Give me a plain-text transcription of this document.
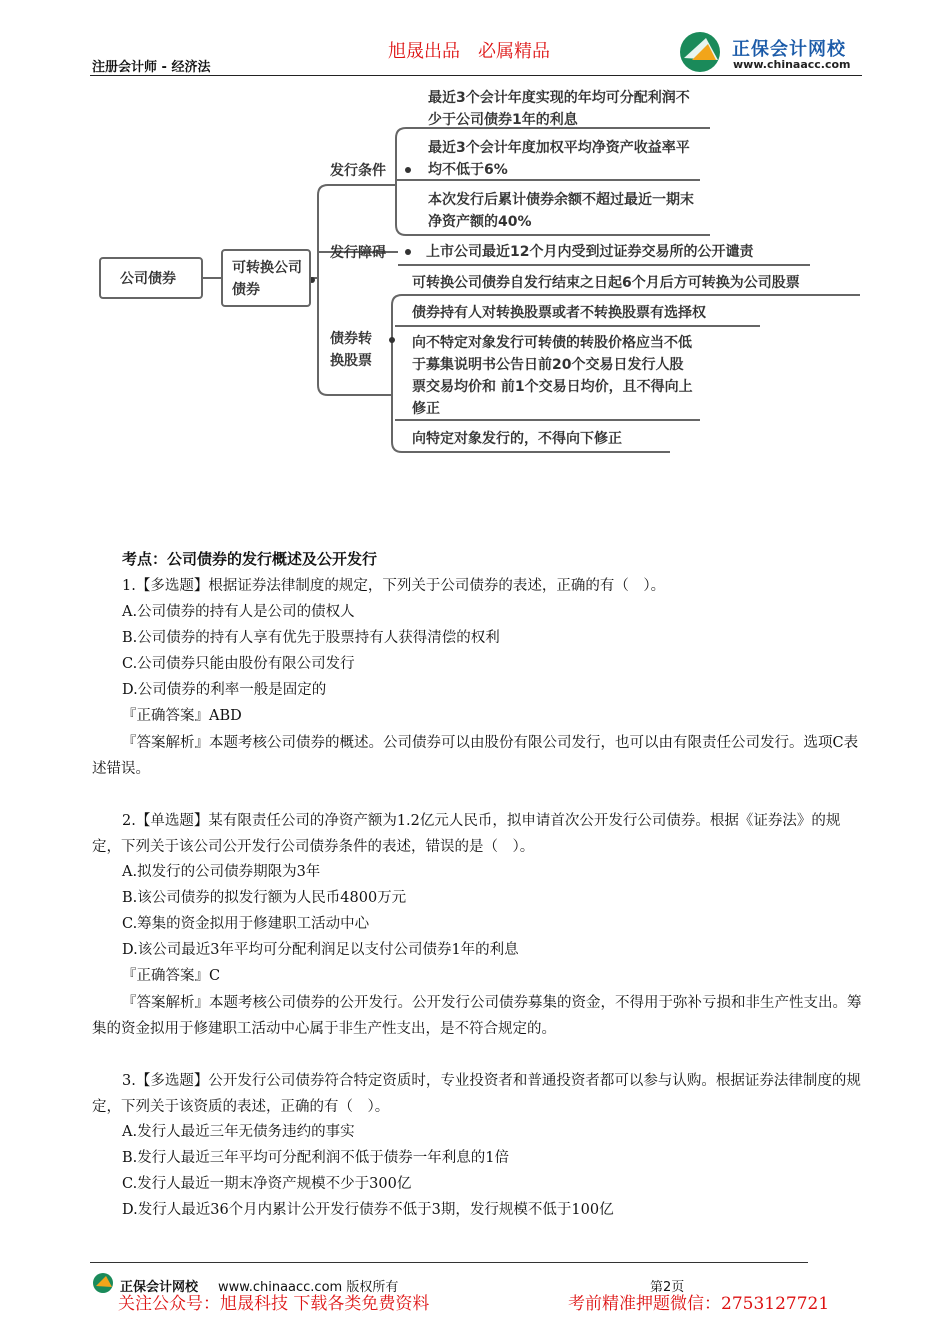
注册会计师 - 经济法
旭晟出品　必属精品	正保会计网校
www.chinaacc.com
公司债券
可转换公司债券
发行条件
发行障碍
债券转换股票
最近3个会计年度实现的年均可分配利润不少于公司债券1年的利息
最近3个会计年度加权平均净资产收益率平均不低于6%
本次发行后累计债券余额不超过最近一期末净资产额的40%
上市公司最近12个月内受到过证券交易所的公开谴责
可转换公司债券自发行结束之日起6个月后方可转换为公司股票
债券持有人对转换股票或者不转换股票有选择权
向不特定对象发行可转债的转股价格应当不低于募集说明书公告日前20个交易日发行人股票交易均价和 前1个交易日均价，且不得向上修正
向特定对象发行的，不得向下修正
考点：公司债券的发行概述及公开发行
1.【多选题】根据证券法律制度的规定，下列关于公司债券的表述，正确的有（　）。
A.公司债券的持有人是公司的债权人
B.公司债券的持有人享有优先于股票持有人获得清偿的权利
C.公司债券只能由股份有限公司发行
D.公司债券的利率一般是固定的
『正确答案』ABD
『答案解析』本题考核公司债券的概述。公司债券可以由股份有限公司发行，也可以由有限责任公司发行。选项C表述错误。
2.【单选题】某有限责任公司的净资产额为1.2亿元人民币，拟申请首次公开发行公司债券。根据《证券法》的规定，下列关于该公司公开发行公司债券条件的表述，错误的是（　）。
A.拟发行的公司债券期限为3年
B.该公司债券的拟发行额为人民币4800万元
C.筹集的资金拟用于修建职工活动中心
D.该公司最近3年平均可分配利润足以支付公司债券1年的利息
『正确答案』C
『答案解析』本题考核公司债券的公开发行。公开发行公司债券募集的资金，不得用于弥补亏损和非生产性支出。筹集的资金拟用于修建职工活动中心属于非生产性支出，是不符合规定的。
3.【多选题】公开发行公司债券符合特定资质时，专业投资者和普通投资者都可以参与认购。根据证券法律制度的规定，下列关于该资质的表述，正确的有（　）。
A.发行人最近三年无债务违约的事实
B.发行人最近三年平均可分配利润不低于债券一年利息的1倍
C.发行人最近一期末净资产规模不少于300亿
D.发行人最近36个月内累计公开发行债券不低于3期，发行规模不低于100亿
正保会计网校 www.chinaacc.com 版权所有	第2页
关注公众号：旭晟科技 下载各类免费资料	考前精准押题微信：2753127721
